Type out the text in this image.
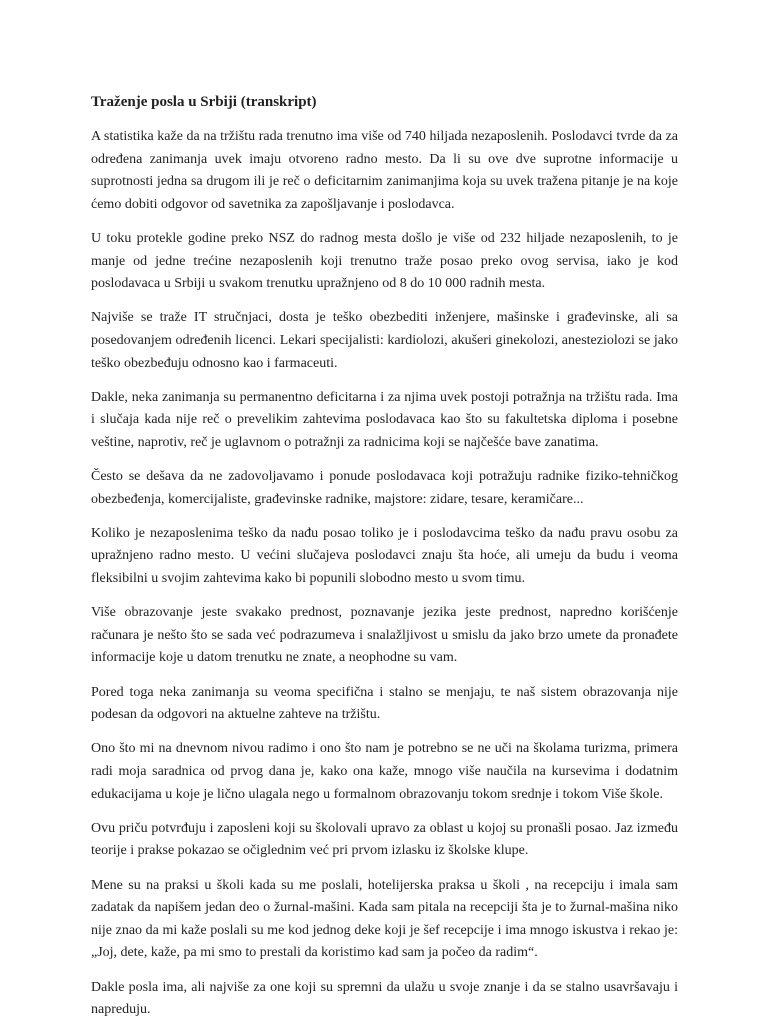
Traženje posla u Srbiji (transkript)

A statistika kaže da na tržištu rada trenutno ima više od 740 hiljada nezaposlenih. Poslodavci tvrde da za određena zanimanja uvek imaju otvoreno radno mesto. Da li su ove dve suprotne informacije u suprotnosti jedna sa drugom ili je reč o deficitarnim zanimanjima koja su uvek tražena pitanje je na koje ćemo dobiti odgovor od savetnika za zapošljavanje i poslodavca.

U toku protekle godine preko NSZ do radnog mesta došlo je više od 232 hiljade nezaposlenih, to je manje od jedne trećine nezaposlenih koji trenutno traže posao preko ovog servisa, iako je kod poslodavaca u Srbiji u svakom trenutku upražnjeno od 8 do 10 000 radnih mesta.

Najviše se traže IT stručnjaci, dosta je teško obezbediti inženjere, mašinske i građevinske, ali sa posedovanjem određenih licenci. Lekari specijalisti: kardiolozi, akušeri ginekolozi, anesteziolozi se jako teško obezbeđuju odnosno kao i farmaceuti.

Dakle, neka zanimanja su permanentno deficitarna i za njima uvek postoji potražnja na tržištu rada. Ima i slučaja kada nije reč o prevelikim zahtevima poslodavaca kao što su fakultetska diploma i posebne veštine, naprotiv, reč je uglavnom o potražnji za radnicima koji se najčešće bave zanatima.

Često se dešava da ne zadovoljavamo i ponude poslodavaca koji potražuju radnike fiziko-tehničkog obezbeđenja, komercijaliste, građevinske radnike, majstore: zidare, tesare, keramičare...

Koliko je nezaposlenima teško da nađu posao toliko je i poslodavcima teško da nađu pravu osobu za upražnjeno radno mesto. U većini slučajeva poslodavci znaju šta hoće, ali umeju da budu i veoma fleksibilni u svojim zahtevima kako bi popunili slobodno mesto u svom timu.

Više obrazovanje jeste svakako prednost, poznavanje jezika jeste prednost, napredno korišćenje računara je nešto što se sada već podrazumeva i snalažljivost u smislu da jako brzo umete da pronađete informacije koje u datom trenutku ne znate, a neophodne su vam.

Pored toga neka zanimanja su veoma specifična i stalno se menjaju, te naš sistem obrazovanja nije podesan da odgovori na aktuelne zahteve na tržištu.

Ono što mi na dnevnom nivou radimo i ono što nam je potrebno se ne uči na školama turizma, primera radi moja saradnica od prvog dana je, kako ona kaže, mnogo više naučila na kursevima i dodatnim edukacijama u koje je lično ulagala nego u formalnom obrazovanju tokom srednje i tokom Više škole.

Ovu priču potvrđuju i zaposleni koji su školovali upravo za oblast u kojoj su pronašli posao. Jaz između teorije i prakse pokazao se očiglednim već pri prvom izlasku iz školske klupe.

Mene su na praksi u školi kada su me poslali, hotelijerska praksa u školi , na recepciju i imala sam zadatak da napišem jedan deo o žurnal-mašini. Kada sam pitala na recepciji šta je to žurnal-mašina niko nije znao da mi kaže poslali su me kod jednog deke koji je šef recepcije i ima mnogo iskustva i rekao je: „Joj, dete, kaže, pa mi smo to prestali da koristimo kad sam ja počeo da radim“.

Dakle posla ima, ali najviše za one koji su spremni da ulažu u svoje znanje i da se stalno usavršavaju i napreduju.
